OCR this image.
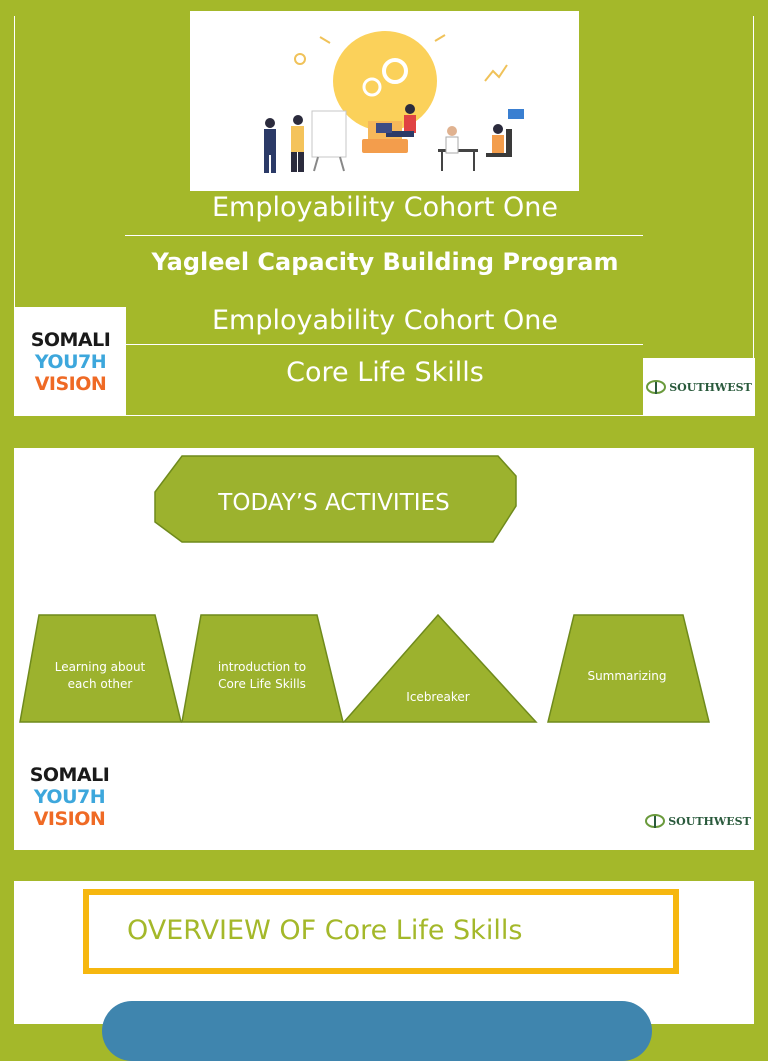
Employability Cohort One
Yagleel Capacity Building Program
Employability Cohort One
Core Life Skills
SOMALI
YOU7H
VISION	SOUTHWEST
TODAY’S ACTIVITIES
Learning about each other
introduction to Core Life Skills
Icebreaker
Summarizing
SOMALI
YOU7H
VISION	SOUTHWEST
OVERVIEW OF Core Life Skills
